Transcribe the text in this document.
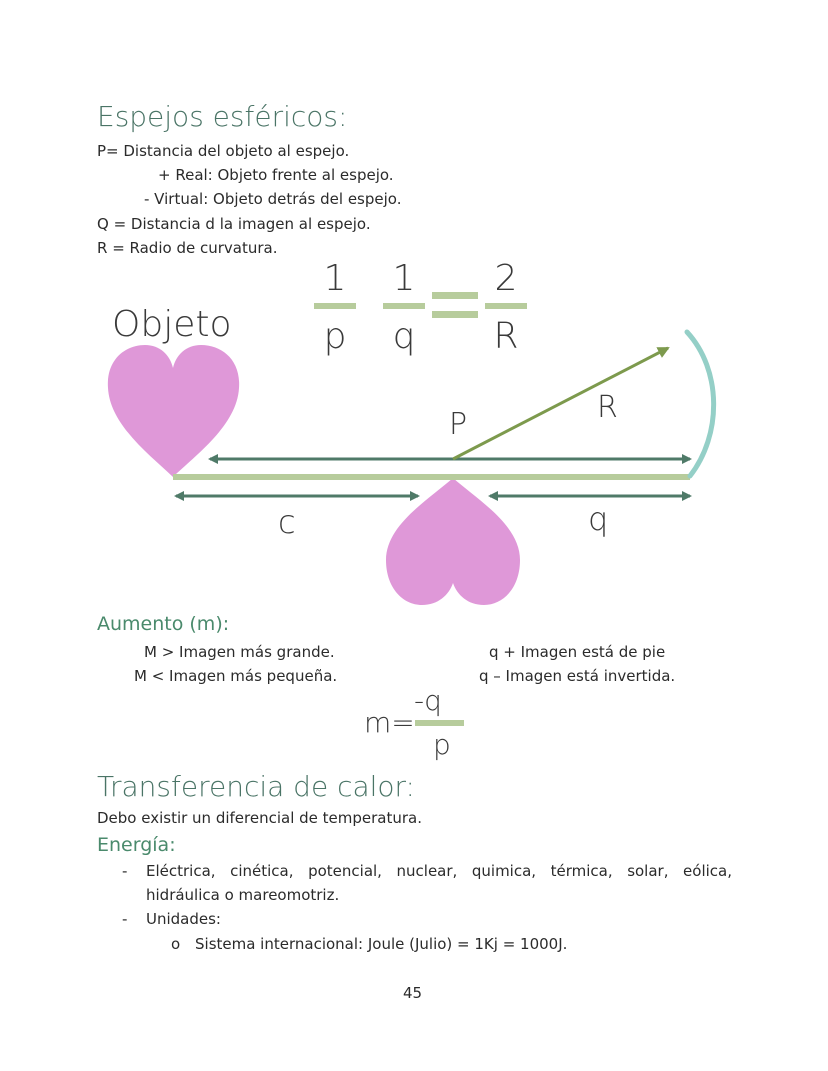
Espejos esféricos:
P= Distancia del objeto al espejo.
+ Real: Objeto frente al espejo.
- Virtual: Objeto detrás del espejo.
Q = Distancia d la imagen al espejo.
R = Radio de curvatura.
1
p
1
q
2
R
Objeto
P	R
c	q
Aumento (m):
M > Imagen más grande.
M < Imagen más pequeña.
q + Imagen está de pie
q – Imagen está invertida.
m=
-q
p
Transferencia de calor:
Debo existir un diferencial de temperatura.
Energía:
- Eléctrica, cinética, potencial, nuclear, quimica, térmica, solar, eólica,
hidráulica o mareomotriz.
- Unidades:
o Sistema internacional: Joule (Julio) = 1Kj = 1000J.
45
